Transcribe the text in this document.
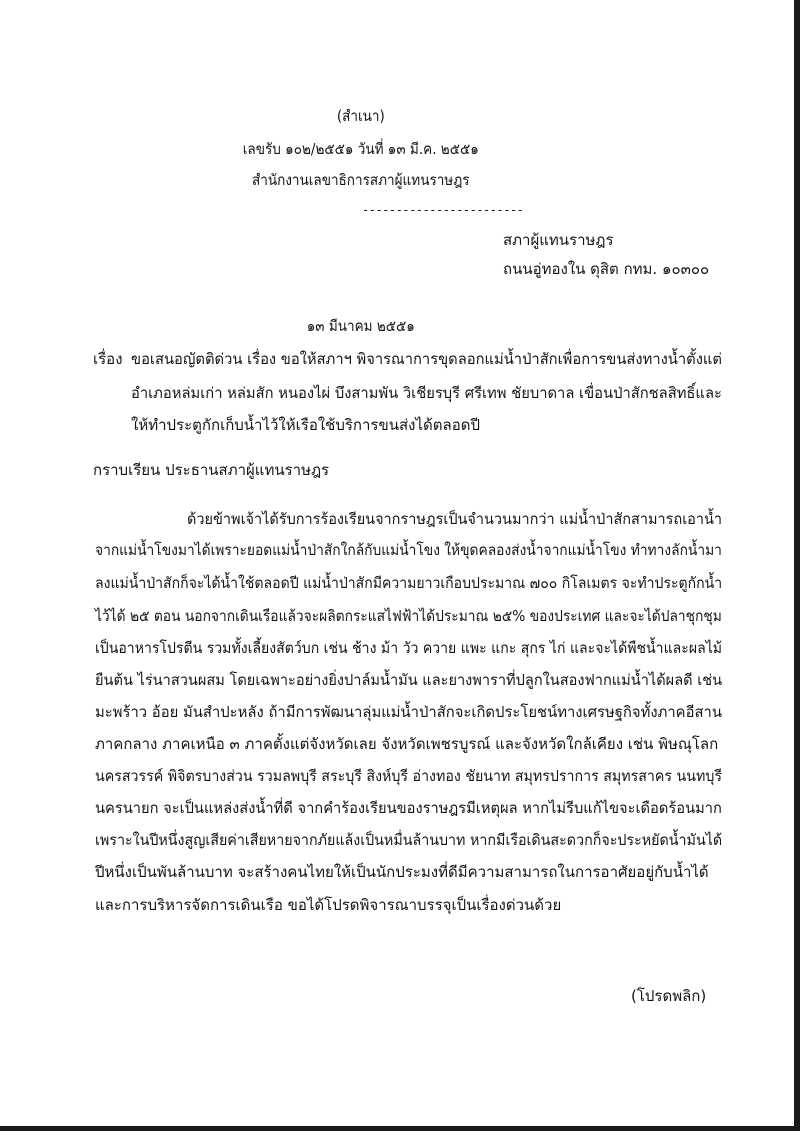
(สำเนา)
เลขรับ ๑๐๒/๒๕๕๑ วันที่ ๑๓ มี.ค. ๒๕๕๑
สำนักงานเลขาธิการสภาผู้แทนราษฎร
------------------------
สภาผู้แทนราษฎร
ถนนอู่ทองใน ดุสิต กทม. ๑๐๓๐๐
๑๓ มีนาคม ๒๕๕๑
เรื่อง ขอเสนอญัตติด่วน เรื่อง ขอให้สภาฯ พิจารณาการขุดลอกแม่น้ำป่าสักเพื่อการขนส่งทางน้ำตั้งแต่
อำเภอหล่มเก่า หล่มสัก หนองไผ่ บึงสามพัน วิเชียรบุรี ศรีเทพ ชัยบาดาล เขื่อนป่าสักชลสิทธิ์และ
ให้ทำประตูกักเก็บน้ำไว้ให้เรือใช้บริการขนส่งได้ตลอดปี
กราบเรียน ประธานสภาผู้แทนราษฎร
ด้วยข้าพเจ้าได้รับการร้องเรียนจากราษฎรเป็นจำนวนมากว่า แม่น้ำป่าสักสามารถเอาน้ำ
จากแม่น้ำโขงมาได้เพราะยอดแม่น้ำป่าสักใกล้กับแม่น้ำโขง ให้ขุดคลองส่งน้ำจากแม่น้ำโขง ทำทางลักน้ำมา
ลงแม่น้ำป่าสักก็จะได้น้ำใช้ตลอดปี แม่น้ำป่าสักมีความยาวเกือบประมาณ ๗๐๐ กิโลเมตร จะทำประตูกักน้ำ
ไว้ได้ ๒๕ ตอน นอกจากเดินเรือแล้วจะผลิตกระแสไฟฟ้าได้ประมาณ ๒๕% ของประเทศ และจะได้ปลาชุกชุม
เป็นอาหารโปรตีน รวมทั้งเลี้ยงสัตว์บก เช่น ช้าง ม้า วัว ควาย แพะ แกะ สุกร ไก่ และจะได้พืชน้ำและผลไม้
ยืนต้น ไร่นาสวนผสม โดยเฉพาะอย่างยิ่งปาล์มน้ำมัน และยางพาราที่ปลูกในสองฟากแม่น้ำได้ผลดี เช่น
มะพร้าว อ้อย มันสำปะหลัง ถ้ามีการพัฒนาลุ่มแม่น้ำป่าสักจะเกิดประโยชน์ทางเศรษฐกิจทั้งภาคอีสาน
ภาคกลาง ภาคเหนือ ๓ ภาคตั้งแต่จังหวัดเลย จังหวัดเพชรบูรณ์ และจังหวัดใกล้เคียง เช่น พิษณุโลก
นครสวรรค์ พิจิตรบางส่วน รวมลพบุรี สระบุรี สิงห์บุรี อ่างทอง ชัยนาท สมุทรปราการ สมุทรสาคร นนทบุรี
นครนายก จะเป็นแหล่งส่งน้ำที่ดี จากคำร้องเรียนของราษฎรมีเหตุผล หากไม่รีบแก้ไขจะเดือดร้อนมาก
เพราะในปีหนึ่งสูญเสียค่าเสียหายจากภัยแล้งเป็นหมื่นล้านบาท หากมีเรือเดินสะดวกก็จะประหยัดน้ำมันได้
ปีหนึ่งเป็นพันล้านบาท จะสร้างคนไทยให้เป็นนักประมงที่ดีมีความสามารถในการอาศัยอยู่กับน้ำได้
และการบริหารจัดการเดินเรือ ขอได้โปรดพิจารณาบรรจุเป็นเรื่องด่วนด้วย
(โปรดพลิก)
